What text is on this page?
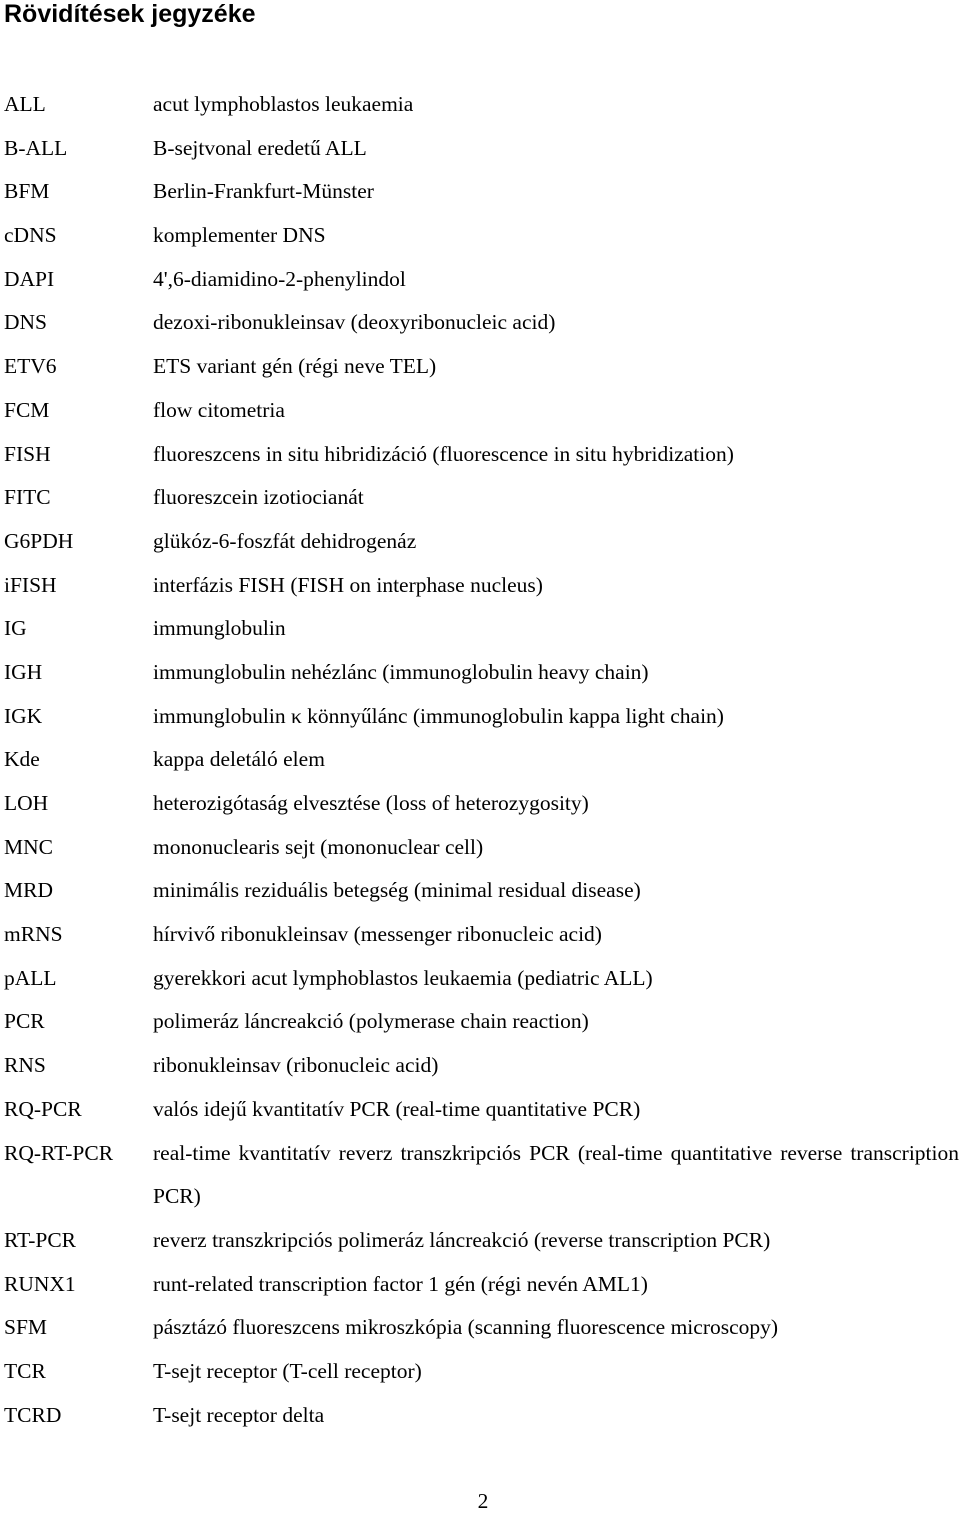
Rövidítések jegyzéke
ALL	acut lymphoblastos leukaemia
B-ALL	B-sejtvonal eredetű ALL
BFM	Berlin-Frankfurt-Münster
cDNS	komplementer DNS
DAPI	4',6-diamidino-2-phenylindol
DNS	dezoxi-ribonukleinsav (deoxyribonucleic acid)
ETV6	ETS variant gén (régi neve TEL)
FCM	flow citometria
FISH	fluoreszcens in situ hibridizáció (fluorescence in situ hybridization)
FITC	fluoreszcein izotiocianát
G6PDH	glükóz-6-foszfát dehidrogenáz
iFISH	interfázis FISH (FISH on interphase nucleus)
IG	immunglobulin
IGH	immunglobulin nehézlánc (immunoglobulin heavy chain)
IGK	immunglobulin κ könnyűlánc (immunoglobulin kappa light chain)
Kde	kappa deletáló elem
LOH	heterozigótaság elvesztése (loss of heterozygosity)
MNC	mononuclearis sejt (mononuclear cell)
MRD	minimális reziduális betegség (minimal residual disease)
mRNS	hírvivő ribonukleinsav (messenger ribonucleic acid)
pALL	gyerekkori acut lymphoblastos leukaemia (pediatric ALL)
PCR	polimeráz láncreakció (polymerase chain reaction)
RNS	ribonukleinsav (ribonucleic acid)
RQ-PCR	valós idejű kvantitatív PCR (real-time quantitative PCR)
RQ-RT-PCR real-time kvantitatív reverz transzkripciós PCR (real-time quantitative reverse transcription PCR)
RT-PCR	reverz transzkripciós polimeráz láncreakció (reverse transcription PCR)
RUNX1	runt-related transcription factor 1 gén (régi nevén AML1)
SFM	pásztázó fluoreszcens mikroszkópia (scanning fluorescence microscopy)
TCR	T-sejt receptor (T-cell receptor)
TCRD	T-sejt receptor delta
2
